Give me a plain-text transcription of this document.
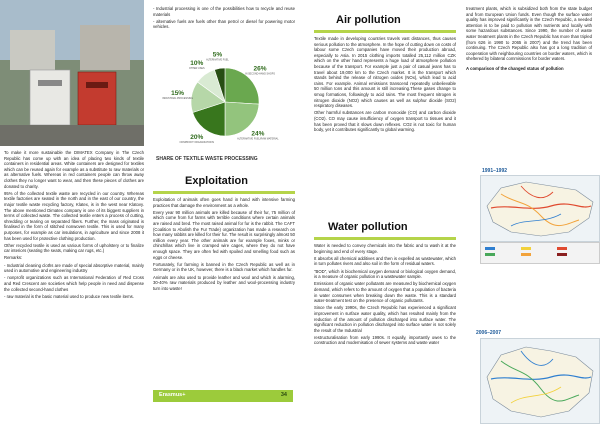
To make it more sustainable the DIMATEX Company in The Czech Republic has come up with an idea of placing two kinds of textile containers in residential areas. White containers are designed for textiles which can be reused again for example as a substitute to raw materials or as alternative fuels. Whereas in red containers people can throw away clothes they no longer want to wear, and then these pieces of clothes are donated to charity.

95% of the collected textile waste are recycled in our country. Whereas textile factories are seated in the north and in the east of our country, the major textile waste recycling factory, Klatex, is in the west near Klatovy. The above mentioned Dimatex company is one of its biggest suppliers in terms of collected waste. The collected textile enters a process of cutting, shredding or tearing on separated fibers. Further, the mass originated is finalised in the form of stitched nonwoven textile. This is used for many purposes, for example as car insulations, in agriculture and since 2008 it has been used for protective clothing production.

Other recycled textile is used as various forms of upholstery or to finalize car interiors (seating the seats, making car rugs, etc.)

Remarks:

- Industrial cleaning cloths are made of special absorptive material, mainly used in automotive and engineering industry

- nonprofit organizations such as International Federation of Red Cross and Red Crescent are societies which help people in need and dispense the collected second-hand clothes

- raw material is the basic material used to produce new textile items.

- Industrial processing is one of the possibilities how to recycle and reuse materials

- alternative fuels are fuels other than petrol or diesel for powering motor vehicles.

26%
IN SECOND-HAND SHOPS
24%
ALTERNATIVE FUEL/RAW MATERIAL
20%
NONPROFIT ORGANIZATIONS
15%
INDUSTRIAL PROCESSING
10%
OTHER USES
5%
ALTERNATIVE FUEL
SHARE OF TEXTILE WASTE PROCESSING
Exploitation

Exploitation of animals often goes hand in hand with intensive farming practices that damage the environment as a whole.

Every year 90 million animals are killed because of their fur, 75 million of which come from fur farms with terrible conditions where certain animals are raised and bred. The most raised animal for fur is the rabbit. The CAFT (Coalition to Abolish the Fur Trade) organization has made a research on how many rabbits are killed for their fur. The result is surprisingly almost 50 million every year. The other animals are for example foxes, minks or chinchillas which live in cramped wire cages, where they do not have enough space. They are often fed with spoiled and smelling food such as eggs or cheese.

Fortunately, fur farming is banned in the Czech Republic as well as in Germany or in the UK, however, there is a black market which handles fur.

Animals are also used to provide leather and wool and which is alarming, 30-40% raw materials produced by leather and wool-processing industry turn into waste!

Erasmus+	34
Air pollution

Textile made in developing countries travels vast distances, thus causes serious pollution to the atmosphere. In the hope of cutting down on costs of labour some Czech companies have moved their production abroad, especially to Asia. In 2015 clothing imports totalled 25,112 million CZK which on the other hand represents a huge load of atmosphere pollution because of the transport. For example just a pair of casual jeans has to travel about 19,000 km to the Czech market. It is the transport which stands behind the release of nitrogen oxides (NOx), which lead to acid rains. For example. Animal emissions transcend repeatedly unbelievable 50 million tons and this amount is still increasing.These gases change to smog formations, followingly to acid rains. The most frequent nitrogen is nitrogen dioxide (NO2) which causes as well as sulphur dioxide (SO2) respiratory diseases.

Other harmful substances are carbon monoxide (CO) and carbon dioxide (CO2). CO may cause insufficiency of oxygen transport to tissues and it has been proved that it slows down reflexes. CO2 is not toxic for human body, yet it contributes significantly to global warming.

Water pollution

Water is needed to convey chemicals into the fabric and to wash it at the beginning and end of every stage.

It absorbs all chemical additives and then is expelled as wastewater, which in turn pollutes rivers and also soil in the form of residual waters.

"BOD", which is biochemical oxygen demand or biological oxygen demand, is a measure of organic pollution in a wastewater sample.

Emissions of organic water pollutants are measured by biochemical oxygen demand, which refers to the amount of oxygen that a population of bacteria in water consumes when breaking down the waste. This is a standard water-treatment test on the presence of organic pollutants.

Since the early 1990s, the Czech Republic has experienced a significant improvement in surface water quality, which has resulted mainly from the reduction of the amount of pollution discharged into surface water. The significant reduction in pollution discharged into surface water is not solely the result of the Industrial

restructuralisation from early 1990s. It equally, importantly owes to the construction and modernisation of sewer systems and waste water

treatment plants, which is subsidized both from the state budget and from European Union funds. Even though the surface water quality has improved significantly in the Czech Republic, a needed attention is to be paid to pollution with nutrients and locally with some hazardous substances. Since 1990, the number of waste water treatment plants in the Czech Republic has more than tripled (from 626 in 1990 to 2065 in 2007) and the trend has been continuing. The Czech Republic also has got a long tradition of cooperation with neighbouring countries on border waters, which is sheltered by bilateral commissions for border waters.

A comparison of the changed status of pollution

1991–1992
2006–2007
